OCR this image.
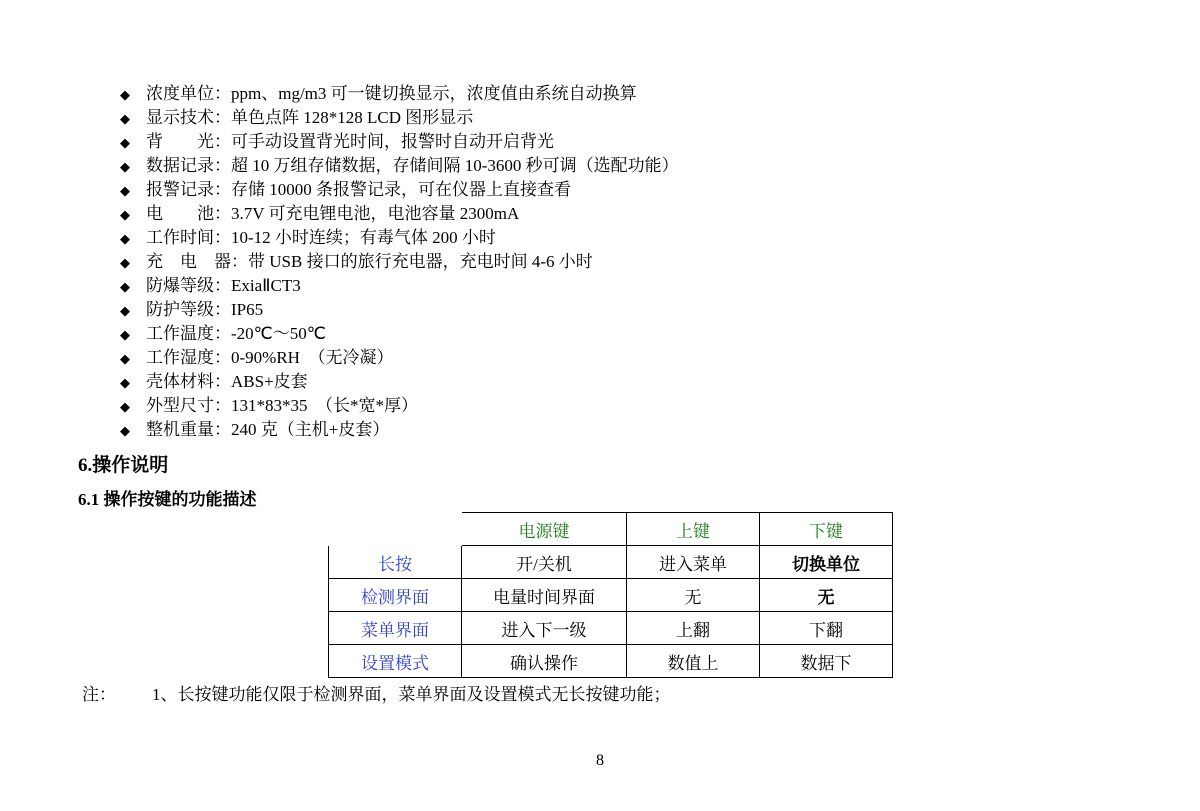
◆ 浓度单位： ppm、mg/m3 可一键切换显示，浓度值由系统自动换算
◆ 显示技术： 单色点阵 128*128 LCD 图形显示
◆ 背　　光： 可手动设置背光时间，报警时自动开启背光
◆ 数据记录： 超 10 万组存储数据，存储间隔 10-3600 秒可调（选配功能）
◆ 报警记录： 存储 10000 条报警记录，可在仪器上直接查看
◆ 电　　池： 3.7V 可充电锂电池，电池容量 2300mA
◆ 工作时间： 10-12 小时连续；有毒气体 200 小时
◆ 充　电　器： 带 USB 接口的旅行充电器，充电时间 4-6 小时
◆ 防爆等级： ExiaⅡCT3
◆ 防护等级： IP65
◆ 工作温度： -20℃～50℃
◆ 工作湿度： 0-90%RH　（无冷凝）
◆ 壳体材料： ABS+皮套
◆ 外型尺寸： 131*83*35　（长*宽*厚）
◆ 整机重量： 240 克（主机+皮套）
6.操作说明
6.1 操作按键的功能描述
	电源键	上键	下键
长按	开/关机	进入菜单	切换单位
检测界面	电量时间界面	无	无
菜单界面	进入下一级	上翻	下翻
设置模式	确认操作	数值上	数据下
注： 1、长按键功能仅限于检测界面，菜单界面及设置模式无长按键功能；
8
